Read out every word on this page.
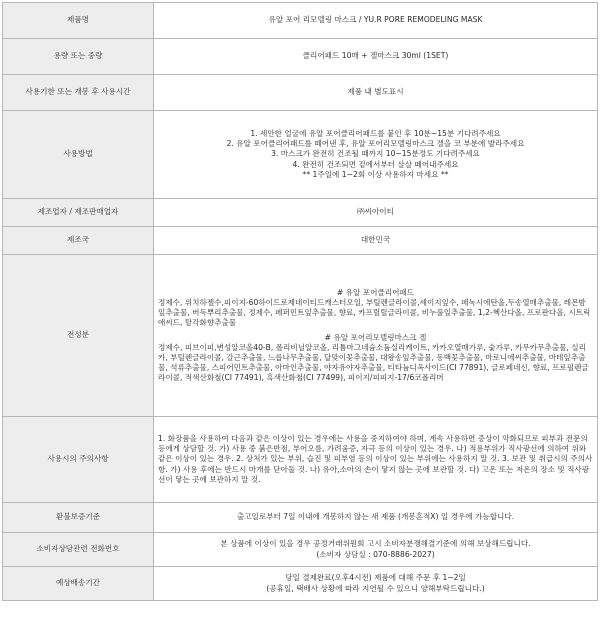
제품명	유알 포어 리모델링 마스크 / YU.R PORE REMODELING MASK
용량 또는 중량	클리어패드 10매 + 겔마스크 30ml (1SET)
사용기한 또는 개봉 후 사용시간	제품 내 별도표시
사용방법	1. 세안한 얼굴에 유알 포어클리어패드를 붙인 후 10분~15분 기다려주세요
2. 유알 포어클리어패드를 떼어낸 후, 유알 포어리모델링마스크 겔을 코 부분에 발라주세요
3. 마스크가 완전히 건조될 때까지 10~15분정도 기다려주세요
4. 완전히 건조되면 겉에서부터 살살 떼어내주세요
** 1주일에 1~2회 이상 사용하지 마세요 **

제조업자 / 제조판매업자	㈜씨아이티
제조국	대한민국
전성분	# 유알 포어클리어패드
정제수, 위치하젤수,피이지-60하이드로제네이티드캐스터오일, 부틸렌글라이콜,세이지잎수, 페녹시에탄올,두송열매추출물, 레몬밤잎추출물, 버독뿌리추출물, 정제수, 페퍼민트잎추출물, 향료, 카프릴릴글라이콜, 비누풀잎추출물, 1,2-헥산다올, 프로판다올, 시트릭애씨드, 탈각화향추출물
# 유알 포어리모델링마스크 겔
정제수, 피브이피,변성알코올40-B, 폴리비닐알코올, 리튬마그네슘소듐실리케이트, 카카오열매가루, 숯가루, 카무카무추출물, 실리카, 부틸렌글라이콜, 갈근추출물, 느릅나무추출물, 달맞이꽃추출물, 대왕송잎추출물, 동백꽃추출물, 마로니에씨추출물, 마테잎추출물, 석류추출물, 스피어민트추출물, 아마인추출물, 야자유야자추출물, 티타늄디옥사이드(CI 77891), 글로페네신, 향료, 프로필렌글라이콜, 적색산화철(CI 77491), 흑색산화철(CI 77499), 피이지/피피지-17/6코폴리머

사용시의 주의사항	1. 화장품을 사용하여 다음과 같은 이상이 있는 경우에는 사용을 중지하여야 하며, 계속 사용하면 증상이 악화되므로 피부과 전문의 등에게 상담할 것. 가) 사용 중 붉은반점, 부어오름, 가려움증, 자극 등의 이상이 있는 경우. 나) 적용부위가 직사광선에 의하여 위와 같은 이상이 있는 경우. 2. 상처가 있는 부위, 습진 및 피부염 등의 이상이 있는 부위에는 사용하지 말 것. 3. 보관 및 취급시의 주의사항. 가) 사용 후에는 반드시 마개를 닫아둘 것. 나) 유아,소아의 손이 닿지 않는 곳에 보관할 것. 다) 고온 또는 저온의 장소 및 직사광선이 닿는 곳에 보관하지 말 것.
환불보증기준	출고일로부터 7일 이내에 개봉하지 않는 새 제품 (개봉흔적X) 일 경우에 가능합니다.
소비자상담관련 전화번호	본 상품에 이상이 있을 경우 공정거래위원회 고시 소비자분쟁해결기준에 의해 보상해드립니다.
(소비자 상담실 : 070-8886-2027)

예상배송기간	당일 결제완료(오후4시전) 제품에 대해 주문 후 1~2일
(공휴일, 택배사 상황에 따라 지연될 수 있으니 양해부탁드립니다.)
